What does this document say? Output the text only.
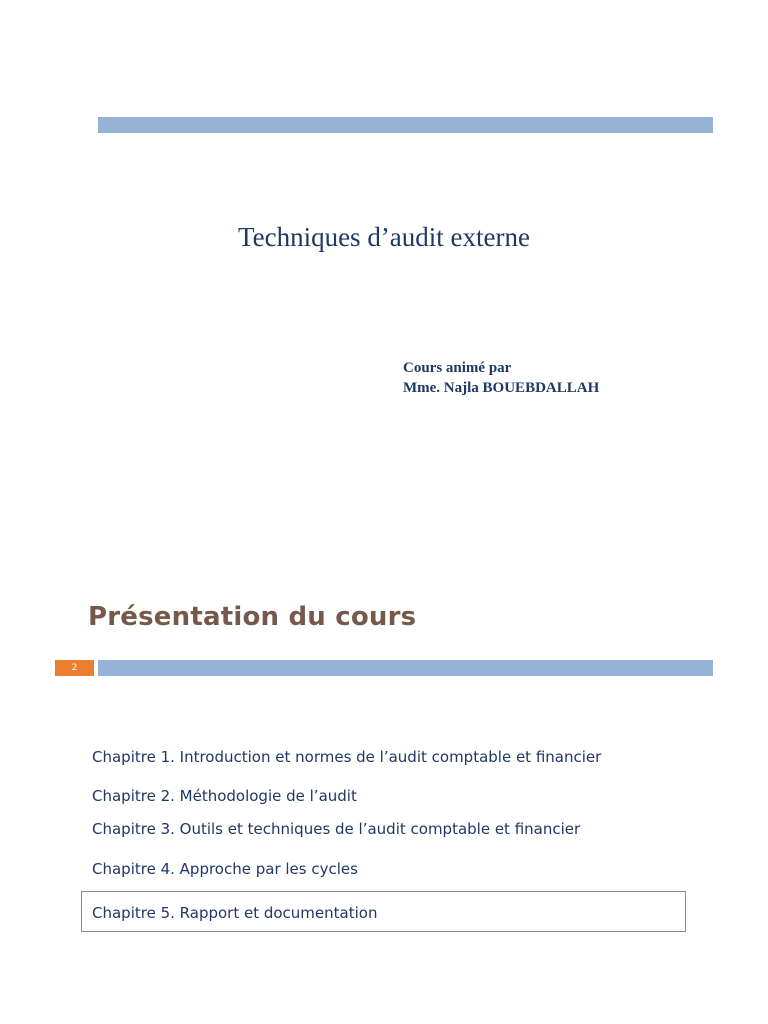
Techniques d’audit externe
Cours animé par
Mme. Najla BOUEBDALLAH
Présentation du cours
2
Chapitre 1. Introduction et normes de l’audit comptable et financier
Chapitre 2. Méthodologie de l’audit
Chapitre 3. Outils et techniques de l’audit comptable et financier
Chapitre 4. Approche par les cycles
Chapitre 5. Rapport et documentation
